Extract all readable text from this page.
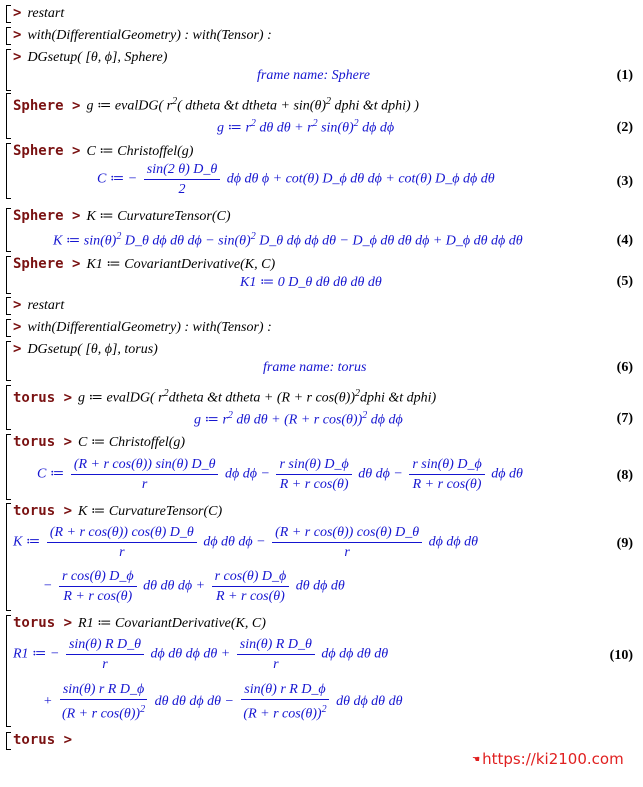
> restart
> with(DifferentialGeometry) : with(Tensor) :
> DGsetup( [θ, ϕ], Sphere)
frame name: Sphere	(1)
Sphere > g ≔ evalDG( $r^2$( dtheta &t dtheta + $\sin(\theta)^2$ dphi &t dphi) )
g ≔ $r^2$ dθ $d\theta + r^2$ $\sin(\theta)^2$ dϕ dϕ	(2)
Sphere > C ≔ Christoffel(g)
C ≔ − $\frac{\sin(2 \theta) D\_\theta}{2}$ dϕ dθ ϕ + cot(θ) D_ϕ dθ dϕ + cot(θ) D_ϕ dϕ dθ	(3)
Sphere > K ≔ CurvatureTensor(C)
K ≔ $\sin(\theta)^2$ D_θ dϕ dθ $d\phi - \sin(\theta)^2$ D_θ dϕ dϕ dθ − D_ϕ dθ dθ dϕ + D_ϕ dθ dϕ dθ	(4)
Sphere > K1 ≔ CovariantDerivative(K, C)
K1 ≔ 0 D_θ dθ dθ dθ dθ	(5)
> restart
> with(DifferentialGeometry) : with(Tensor) :
> DGsetup( [θ, ϕ], torus)
frame name: torus	(6)
torus > g ≔ evalDG( $r^2dtheta$ &t dtheta + (R + r cos(θ))$^2$dphi &t dphi)
g ≔ $r^2$ dθ dθ + (R + r cos(θ))$^2$ dϕ dϕ	(7)
torus > C ≔ Christoffel(g)
C ≔ $\frac{\text{(R + r cos(θ)) sin(θ) D\_θ}}{r}$ dϕ $d\phi - \frac{\text{r sin(θ) D\_ϕ}}{\text{R + r cos(θ)}}$ dθ $d\phi - \frac{\text{r sin(θ) D\_ϕ}}{\text{R + r cos(θ)}}$ dϕ dθ	(8)
torus > K ≔ CurvatureTensor(C)
K ≔ $\frac{\text{(R + r cos(θ)) cos(θ) D\_θ}}{r}$ dϕ dθ $d\phi - \frac{\text{(R + r cos(θ)) cos(θ) D\_θ}}{r}$ dϕ dϕ dθ
− $\frac{\text{r cos(θ) D\_ϕ}}{\text{R + r cos(θ)}}$ dθ dθ $d\phi + \frac{\text{r cos(θ) D\_ϕ}}{\text{R + r cos(θ)}}$ dθ dϕ dθ
(9)
torus > R1 ≔ CovariantDerivative(K, C)
R1 ≔ − $\frac{\text{sin(θ) R D\_θ}}{r}$ dϕ dθ dϕ $d\theta + \frac{\text{sin(θ) R D\_θ}}{r}$ dϕ dϕ dθ dθ
+ $\frac{\text{sin(θ) r R D\_ϕ}}{(R + r \cos(\theta))^2}$ dθ dθ dϕ $d\theta - \frac{\text{sin(θ) r R D\_ϕ}}{(R + r \cos(\theta))^2}$ dθ dϕ dθ dθ
(10)
torus >
☚ https://ki2100.com
